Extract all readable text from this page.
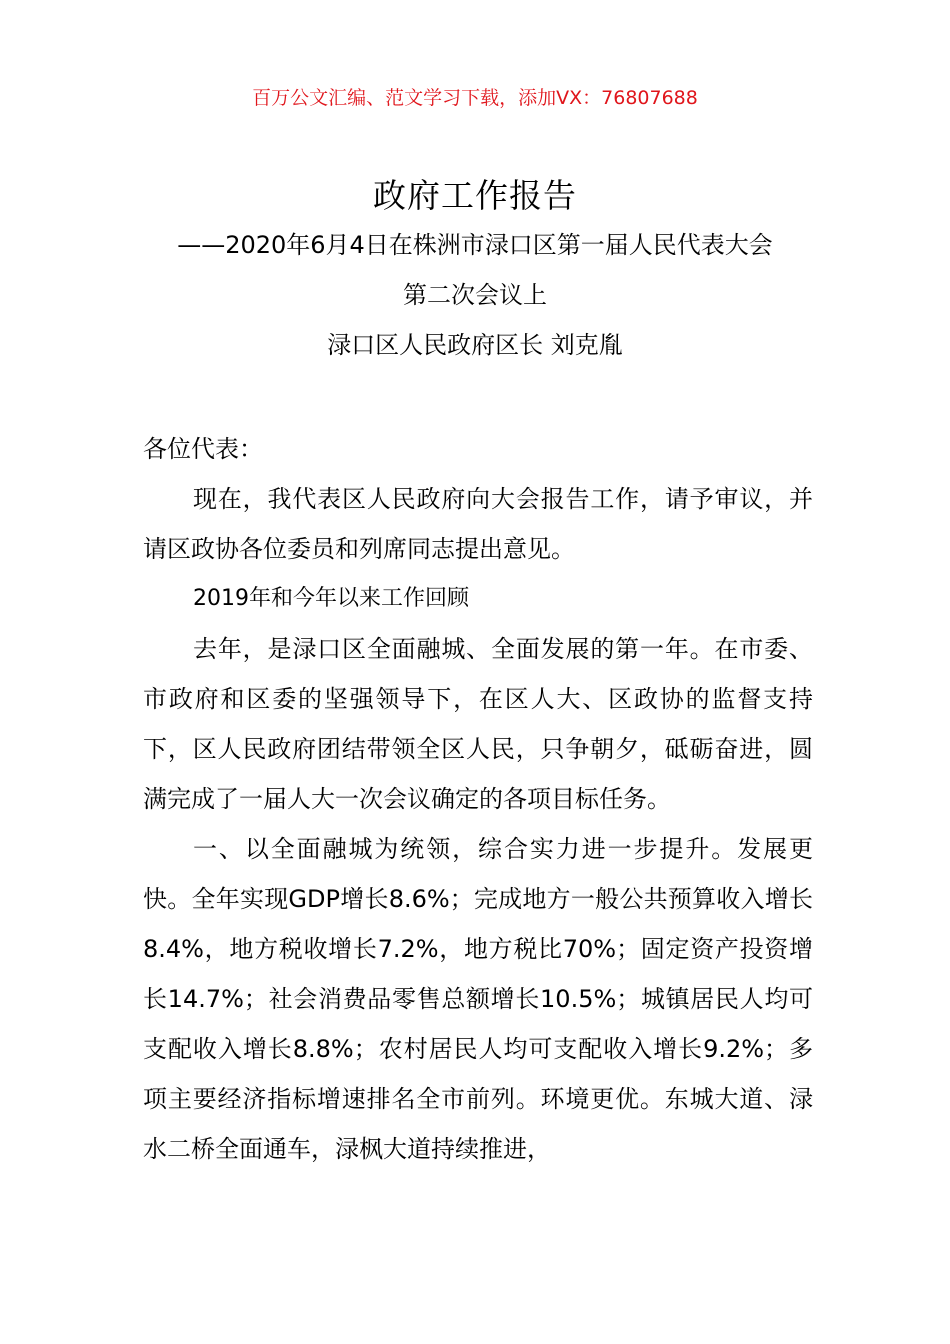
百万公文汇编、范文学习下载，添加VX：76807688
政府工作报告
——2020年6月4日在株洲市渌口区第一届人民代表大会
第二次会议上
渌口区人民政府区长 刘克胤

各位代表：

现在，我代表区人民政府向大会报告工作，请予审议，并请区政协各位委员和列席同志提出意见。

2019年和今年以来工作回顾

去年，是渌口区全面融城、全面发展的第一年。在市委、市政府和区委的坚强领导下，在区人大、区政协的监督支持下，区人民政府团结带领全区人民，只争朝夕，砥砺奋进，圆满完成了一届人大一次会议确定的各项目标任务。

一、以全面融城为统领，综合实力进一步提升。发展更快。全年实现GDP增长8.6%；完成地方一般公共预算收入增长8.4%，地方税收增长7.2%，地方税比70%；固定资产投资增长14.7%；社会消费品零售总额增长10.5%；城镇居民人均可支配收入增长8.8%；农村居民人均可支配收入增长9.2%；多项主要经济指标增速排名全市前列。环境更优。东城大道、渌水二桥全面通车，渌枫大道持续推进，
